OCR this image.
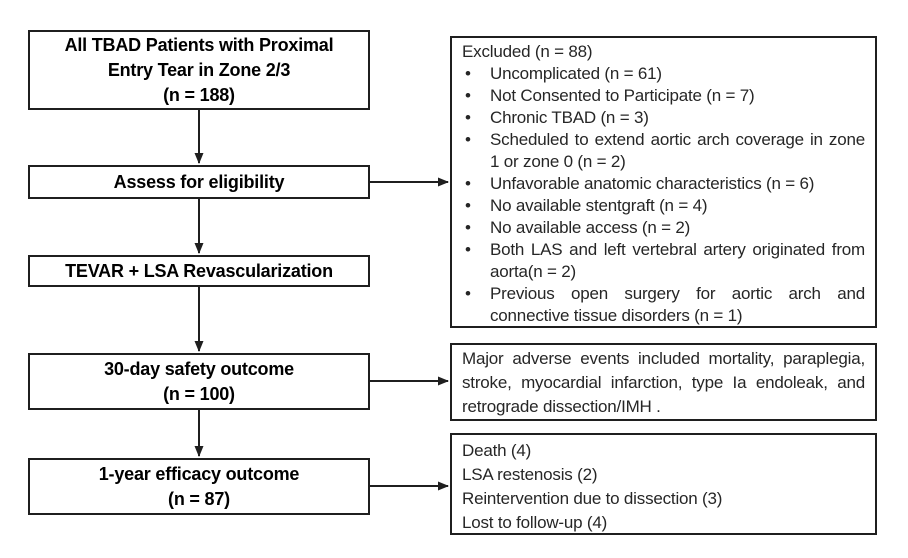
All TBAD Patients with Proximal
Entry Tear in Zone 2/3
(n = 188)
Assess for eligibility
TEVAR + LSA Revascularization
30-day safety outcome
(n = 100)
1-year efficacy outcome
(n = 87)
Excluded (n = 88)
• Uncomplicated (n = 61)
• Not Consented to Participate (n = 7)
• Chronic TBAD (n = 3)
• Scheduled to extend aortic arch coverage in zone 1 or zone 0 (n = 2)
• Unfavorable anatomic characteristics (n = 6)
• No available stentgraft (n = 4)
• No available access (n = 2)
• Both LAS and left vertebral artery originated from aorta(n = 2)
• Previous open surgery for aortic arch and connective tissue disorders (n = 1)
Major adverse events included mortality, paraplegia, stroke, myocardial infarction, type Ia endoleak, and retrograde dissection/IMH .
Death (4)
LSA restenosis (2)
Reintervention due to dissection (3)
Lost to follow-up (4)
